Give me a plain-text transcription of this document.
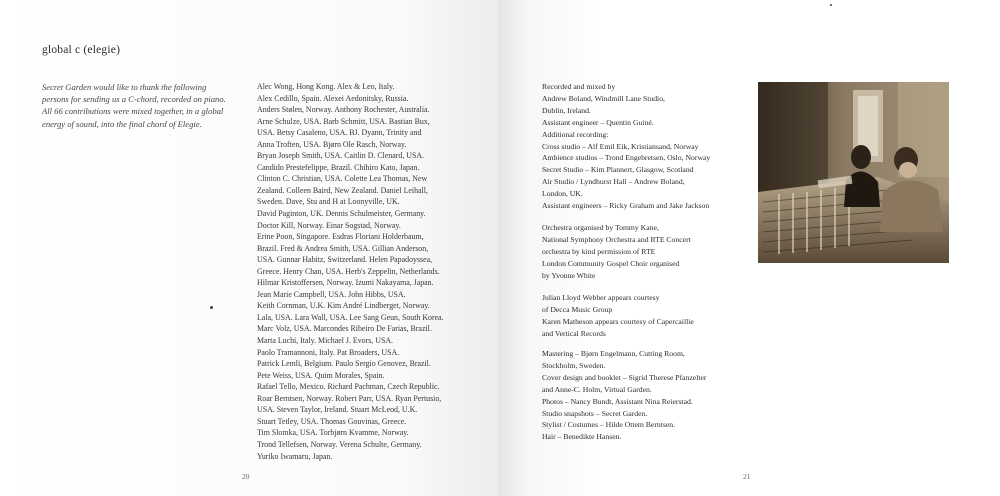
global c (elegie)

Secret Garden would like to thank the following

persons for sending us a C-chord, recorded on piano.

All 66 contributions were mixed together, in a global

energy of sound, into the final chord of Elegie.

Alec Wong, Hong Kong. Alex & Leo, Italy.
Alex Cedillo, Spain. Alexei Aedonitsky, Russia.
Anders Stølen, Norway. Anthony Rochester, Australia.
Arne Schulze, USA. Barb Schmitt, USA. Bastian Bux,
USA. Betsy Casaleno, USA. BJ. Dyann, Trinity and
Anna Troften, USA. Bjørn Ole Rasch, Norway.
Bryan Joseph Smith, USA. Caitlin D. Clenard, USA.
Candido Prestefelippe, Brazil. Chihiro Kato, Japan.
Clinton C. Christian, USA. Colette Lea Thomas, New
Zealand. Colleen Baird, New Zealand. Daniel Leihall,
Sweden. Dave, Stu and H at Loonyville, UK.
David Paginton, UK. Dennis Schulmeister, Germany.
Doctor Kill, Norway. Einar Sogstad, Norway.
Erine Poon, Singapore. Esdras Floriani Holderbaum,
Brazil. Fred & Andrea Smith, USA. Gillian Anderson,
USA. Gunnar Habitz, Switzerland. Helen Papadoyssea,
Greece. Henry Chan, USA. Herb's Zeppelin, Netherlands.
Hilmar Kristoffersen, Norway. Izumi Nakayama, Japan.
Jean Marie Campbell, USA. John Hibbs, USA.
Keith Cornman, U.K. Kim André Lindberget, Norway.
Lala, USA. Lara Wall, USA. Lee Sang Geun, South Korea.
Marc Volz, USA. Marcondes Ribeiro De Farias, Brazil.
Marta Luchi, Italy. Michael J. Evors, USA.
Paolo Tramannoni, Italy. Pat Broaders, USA.
Patrick Lemli, Belgium. Paulo Sergio Genovez, Brazil.
Pete Weiss, USA. Quim Morales, Spain.
Rafael Tello, Mexico. Richard Pachman, Czech Republic.
Roar Berntsen, Norway. Robert Parr, USA. Ryan Pertusio,
USA. Steven Taylor, Ireland. Stuart McLeod, U.K.
Stuart Tetley, USA. Thomas Gouvinas, Greece.
Tim Slomka, USA. Torbjørn Kvamme, Norway.
Trond Tellefsen, Norway. Verena Schulte, Germany.
Yuriko Iwamaru, Japan.
20
Recorded and mixed by
Andrew Boland, Windmill Lane Studio,
Dublin, Ireland.
Assistant engineer – Quentin Guiné.
Additional recording:
Cross studio – Alf Emil Eik, Kristiansand, Norway
Ambience studios – Trond Engebretsen, Oslo, Norway
Secret Studio – Kim Plannert, Glasgow, Scotland
Air Studio / Lyndhurst Hall – Andrew Boland,
London, UK.
Assistant engineers – Ricky Graham and Jake Jackson
Orchestra organised by Tommy Kane,
National Symphony Orchestra and RTE Concert
orchestra by kind permission of RTE
London Community Gospel Choir organised
by Yvonne White
Julian Lloyd Webber appears courtesy
of Decca Music Group
Karen Matheson appears courtesy of Capercaillie
and Vertical Records
Mastering – Bjørn Engelmann, Cutting Room,
Stockholm, Sweden.
Cover design and booklet – Sigrid Therese Pfanzelter
and Anne-C. Holm, Virtual Garden.
Photos – Nancy Bundt, Assistant Nina Reierstad.
Studio snapshots – Secret Garden.
Stylist / Costumes – Hilde Ottem Berntsen.
Hair – Benedikte Hansen.
21
